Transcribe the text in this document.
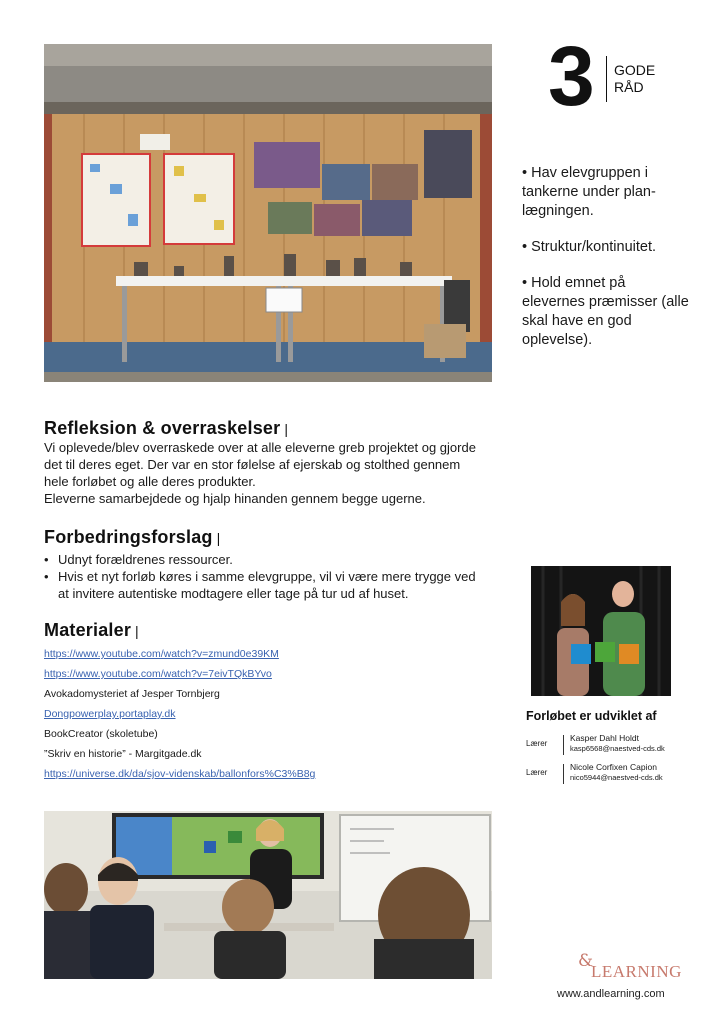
3 GODE
RÅD
• Hav elevgruppen i tankerne under plan-lægningen.
• Struktur/kontinuitet.
• Hold emnet på elevernes præmisser (alle skal have en god oplevelse).
Refleksion & overraskelser |
Vi oplevede/blev overraskede over at alle eleverne greb projektet og gjorde det til deres eget. Der var en stor følelse af ejerskab og stolthed gennem hele forløbet og alle deres produkter.
Eleverne samarbejdede og hjalp hinanden gennem begge ugerne.
Forbedringsforslag |
• Udnyt forældrenes ressourcer.
• Hvis et nyt forløb køres i samme elevgruppe, vil vi være mere trygge ved at invitere autentiske modtagere eller tage på tur ud af huset.
Materialer |
https://www.youtube.com/watch?v=zmund0e39KM
https://www.youtube.com/watch?v=7eivTQkBYvo
Avokadomysteriet af Jesper Tornbjerg
Dongpowerplay.portaplay.dk
BookCreator (skoletube)
”Skriv en historie” - Margitgade.dk
https://universe.dk/da/sjov-videnskab/ballonfors%C3%B8g
Forløbet er udviklet af
Lærer
Kasper Dahl Holdt
kasp6568@naestved-cds.dk
Lærer
Nicole Corfixen Capion
nico5944@naestved-cds.dk
&
LEARNING
www.andlearning.com
